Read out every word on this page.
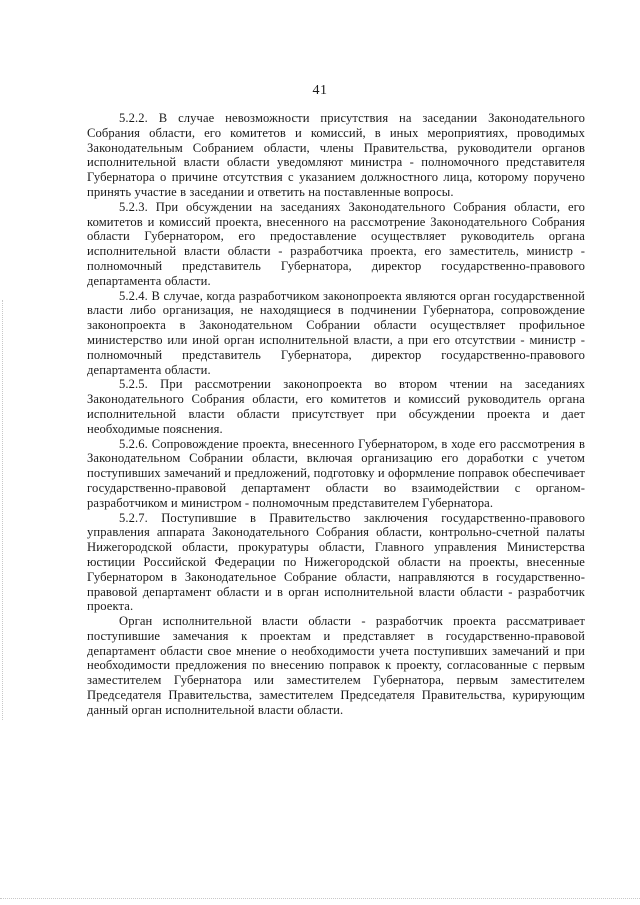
41

5.2.2. В случае невозможности присутствия на заседании Законодательного Собрания области, его комитетов и комиссий, в иных мероприятиях, проводимых Законодательным Собранием области, члены Правительства, руководители органов исполнительной власти области уведомляют министра - полномочного представителя Губернатора о причине отсутствия с указанием должностного лица, которому поручено принять участие в заседании и ответить на поставленные вопросы.

5.2.3. При обсуждении на заседаниях Законодательного Собрания области, его комитетов и комиссий проекта, внесенного на рассмотрение Законодательного Собрания области Губернатором, его предоставление осуществляет руководитель органа исполнительной власти области - разработчика проекта, его заместитель, министр - полномочный представитель Губернатора, директор государственно-правового департамента области.

5.2.4. В случае, когда разработчиком законопроекта являются орган государственной власти либо организация, не находящиеся в подчинении Губернатора, сопровождение законопроекта в Законодательном Собрании области осуществляет профильное министерство или иной орган исполнительной власти, а при его отсутствии - министр - полномочный представитель Губернатора, директор государственно-правового департамента области.

5.2.5. При рассмотрении законопроекта во втором чтении на заседаниях Законодательного Собрания области, его комитетов и комиссий руководитель органа исполнительной власти области присутствует при обсуждении проекта и дает необходимые пояснения.

5.2.6. Сопровождение проекта, внесенного Губернатором, в ходе его рассмотрения в Законодательном Собрании области, включая организацию его доработки с учетом поступивших замечаний и предложений, подготовку и оформление поправок обеспечивает государственно-правовой департамент области во взаимодействии с органом-разработчиком и министром - полномочным представителем Губернатора.

5.2.7. Поступившие в Правительство заключения государственно-правового управления аппарата Законодательного Собрания области, контрольно-счетной палаты Нижегородской области, прокуратуры области, Главного управления Министерства юстиции Российской Федерации по Нижегородской области на проекты, внесенные Губернатором в Законодательное Собрание области, направляются в государственно-правовой департамент области и в орган исполнительной власти области - разработчик проекта.

Орган исполнительной власти области - разработчик проекта рассматривает поступившие замечания к проектам и представляет в государственно-правовой департамент области свое мнение о необходимости учета поступивших замечаний и при необходимости предложения по внесению поправок к проекту, согласованные с первым заместителем Губернатора или заместителем Губернатора, первым заместителем Председателя Правительства, заместителем Председателя Правительства, курирующим данный орган исполнительной власти области.
